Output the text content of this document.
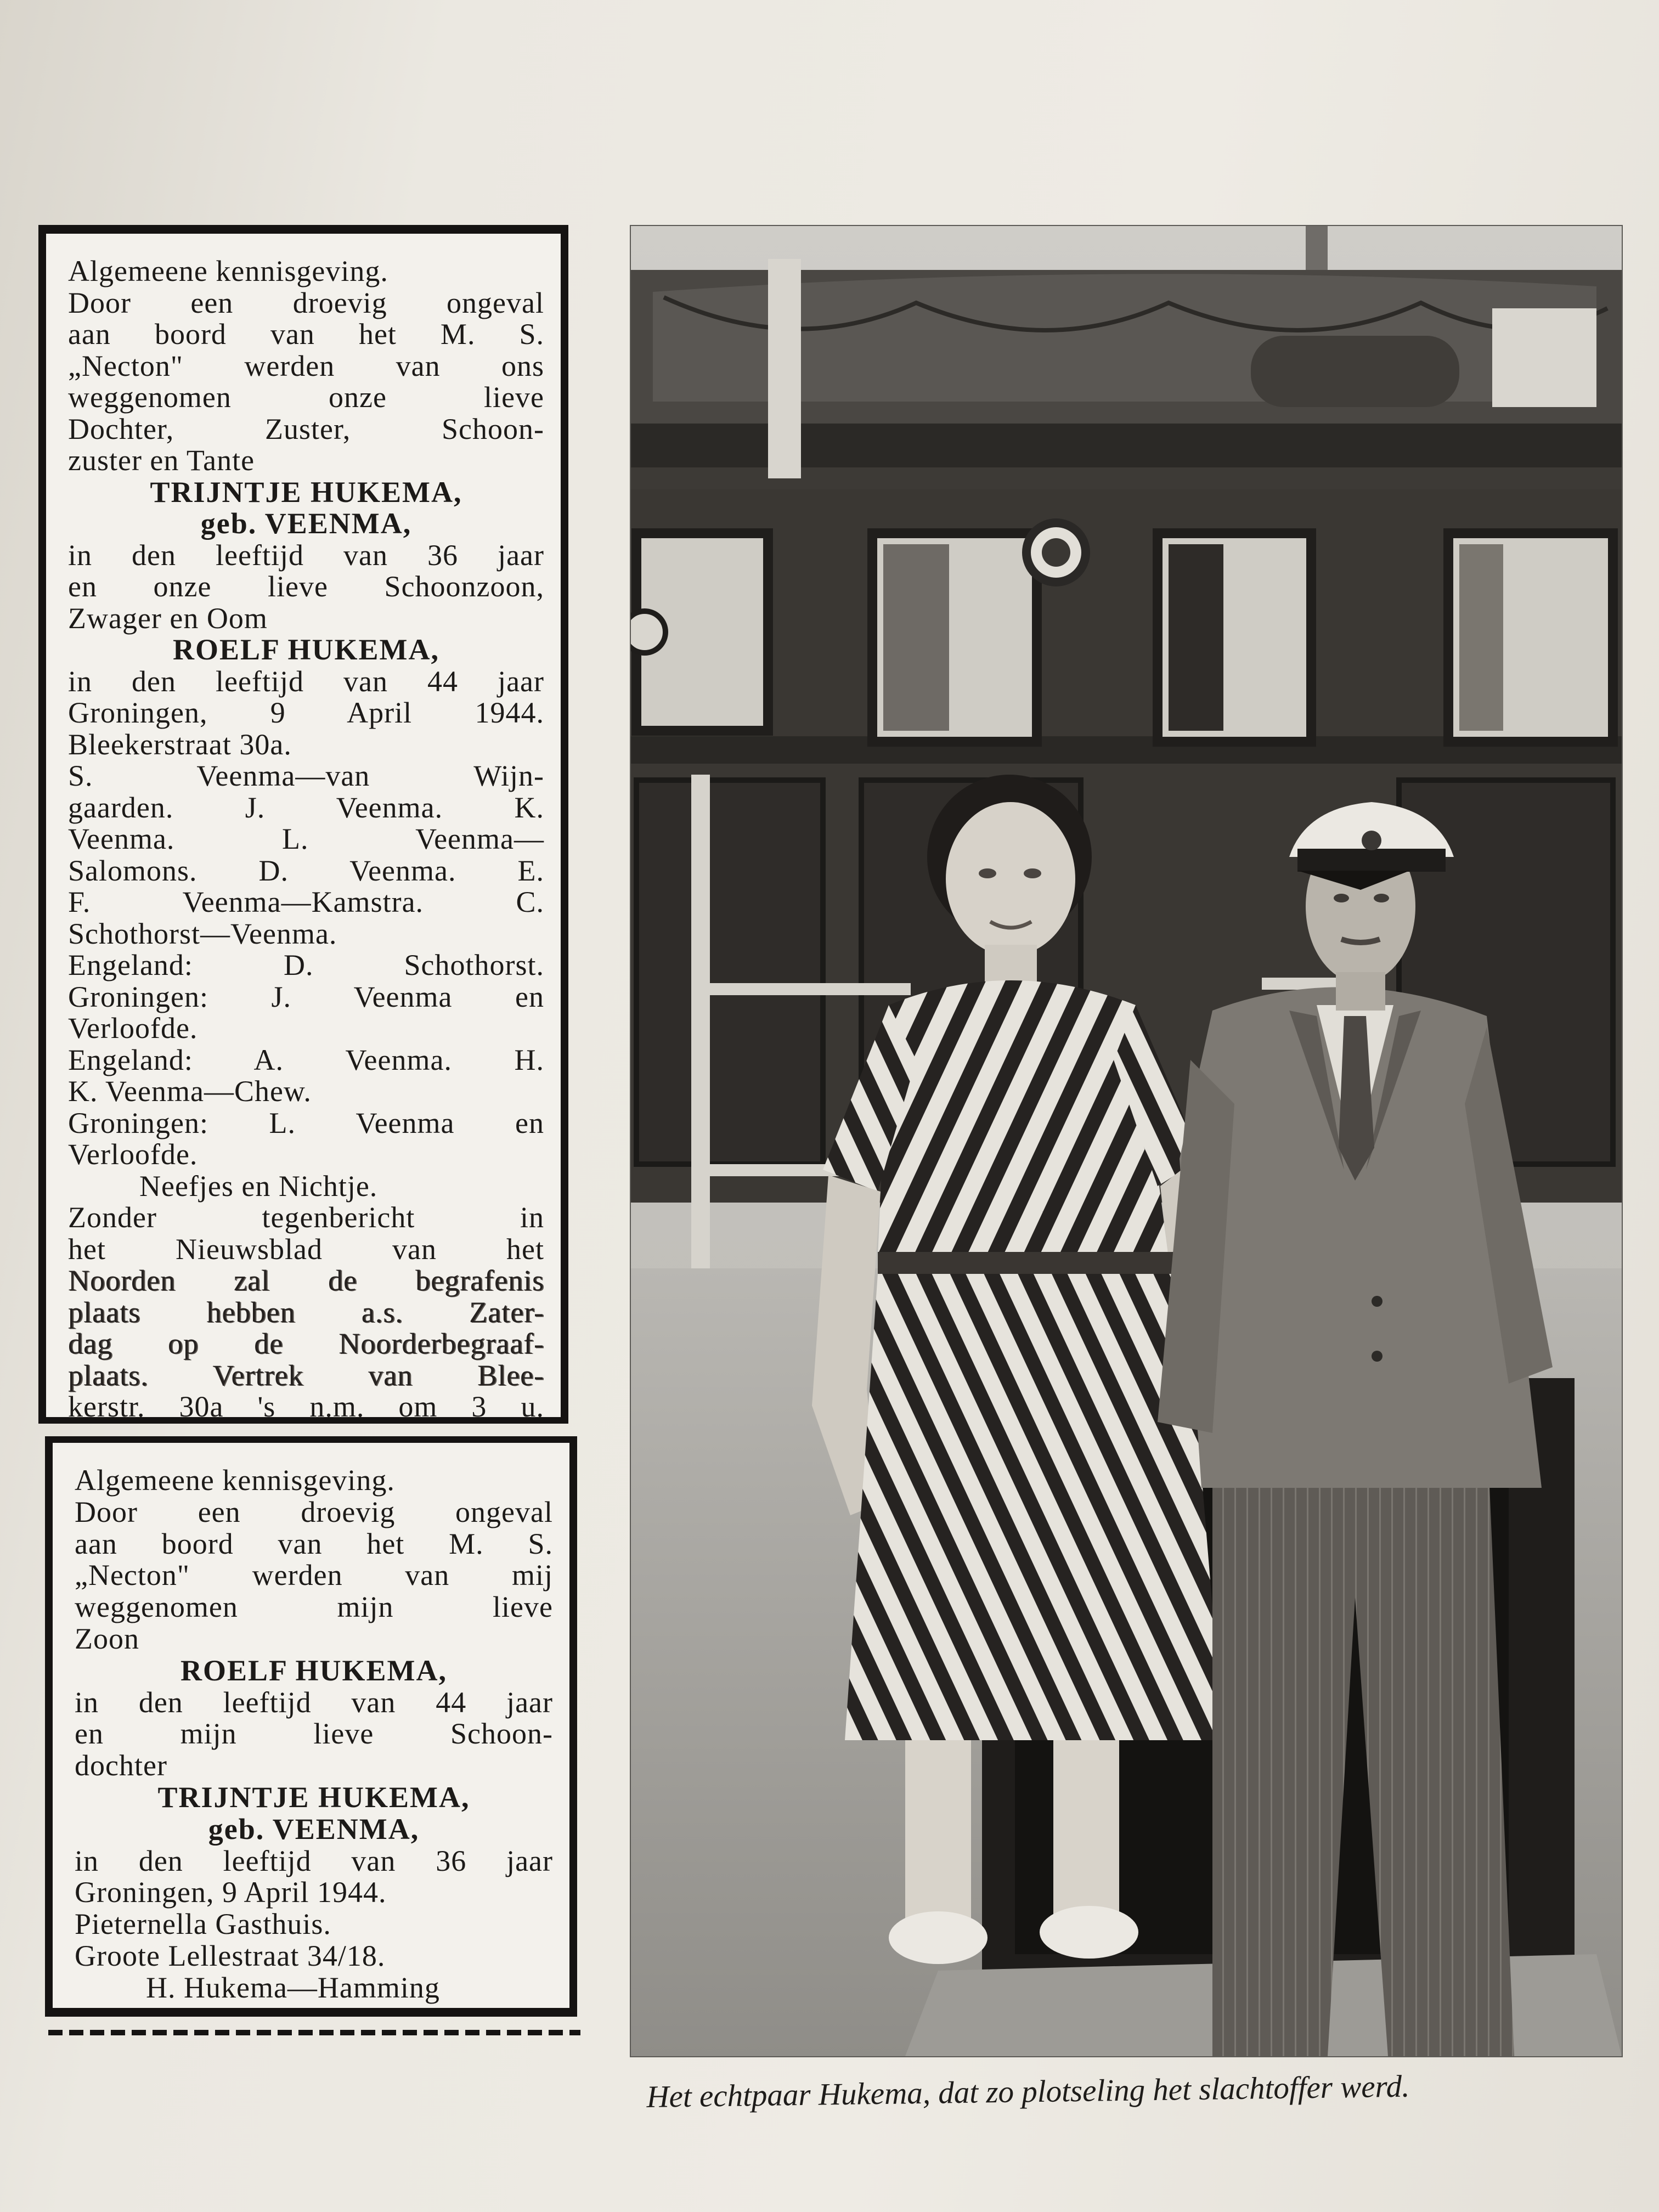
Algemeene kennisgeving.
Door een droevig ongeval
aan boord van het M. S.
„Necton" werden van ons
weggenomen onze lieve
Dochter, Zuster, Schoon-
zuster en Tante
TRIJNTJE HUKEMA,
geb. VEENMA,
in den leeftijd van 36 jaar
en onze lieve Schoonzoon,
Zwager en Oom
ROELF HUKEMA,
in den leeftijd van 44 jaar
Groningen, 9 April 1944.
Bleekerstraat 30a.
S. Veenma—van Wijn-
gaarden. J. Veenma. K.
Veenma. L. Veenma—
Salomons. D. Veenma. E.
F. Veenma—Kamstra. C.
Schothorst—Veenma.
Engeland: D. Schothorst.
Groningen: J. Veenma en
Verloofde.
Engeland: A. Veenma. H.
K. Veenma—Chew.
Groningen: L. Veenma en
Verloofde.
Neefjes en Nichtje.
Zonder tegenbericht in
het Nieuwsblad van het
Noorden zal de begrafenis
plaats hebben a.s. Zater-
dag op de Noorderbegraaf-
plaats. Vertrek van Blee-
kerstr. 30a 's n.m. om 3 u.
Algemeene kennisgeving.
Door een droevig ongeval
aan boord van het M. S.
„Necton" werden van mij
weggenomen mijn lieve
Zoon
ROELF HUKEMA,
in den leeftijd van 44 jaar
en mijn lieve Schoon-
dochter
TRIJNTJE HUKEMA,
geb. VEENMA,
in den leeftijd van 36 jaar
Groningen, 9 April 1944.
Pieternella Gasthuis.
Groote Lellestraat 34/18.
H. Hukema—Hamming
Het echtpaar Hukema, dat zo plotseling het slachtoffer werd.
